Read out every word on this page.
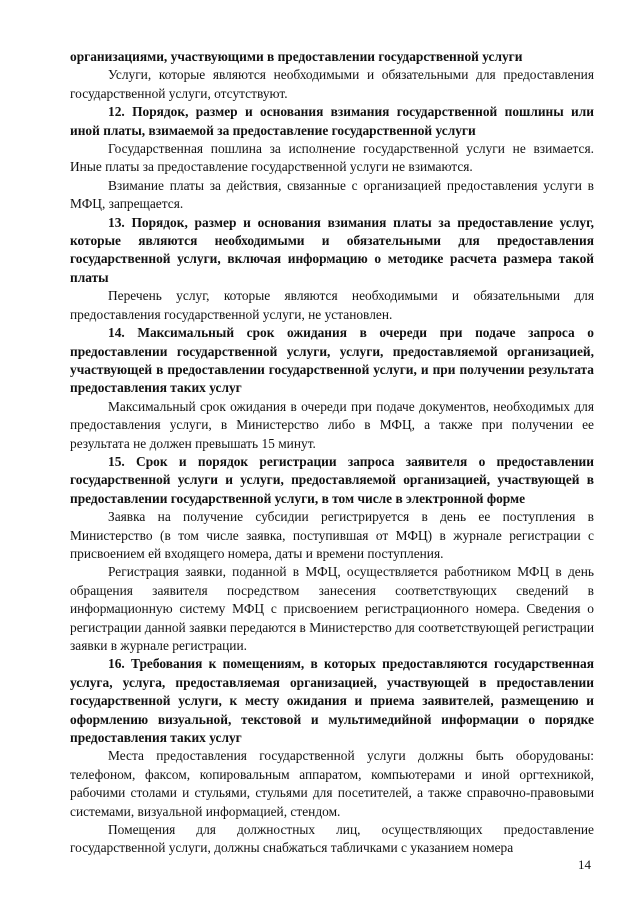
организациями, участвующими в предоставлении государственной услуги

Услуги, которые являются необходимыми и обязательными для предоставления государственной услуги, отсутствуют.

12. Порядок, размер и основания взимания государственной пошлины или иной платы, взимаемой за предоставление государственной услуги

Государственная пошлина за исполнение государственной услуги не взимается. Иные платы за предоставление государственной услуги не взимаются.

Взимание платы за действия, связанные с организацией предоставления услуги в МФЦ, запрещается.

13. Порядок, размер и основания взимания платы за предоставление услуг, которые являются необходимыми и обязательными для предоставления государственной услуги, включая информацию о методике расчета размера такой платы

Перечень услуг, которые являются необходимыми и обязательными для предоставления государственной услуги, не установлен.

14. Максимальный срок ожидания в очереди при подаче запроса о предоставлении государственной услуги, услуги, предоставляемой организацией, участвующей в предоставлении государственной услуги, и при получении результата предоставления таких услуг

Максимальный срок ожидания в очереди при подаче документов, необходимых для предоставления услуги, в Министерство либо в МФЦ, а также при получении ее результата не должен превышать 15 минут.

15. Срок и порядок регистрации запроса заявителя о предоставлении государственной услуги и услуги, предоставляемой организацией, участвующей в предоставлении государственной услуги, в том числе в электронной форме

Заявка на получение субсидии регистрируется в день ее поступления в Министерство (в том числе заявка, поступившая от МФЦ) в журнале регистрации с присвоением ей входящего номера, даты и времени поступления.

Регистрация заявки, поданной в МФЦ, осуществляется работником МФЦ в день обращения заявителя посредством занесения соответствующих сведений в информационную систему МФЦ с присвоением регистрационного номера. Сведения о регистрации данной заявки передаются в Министерство для соответствующей регистрации заявки в журнале регистрации.

16. Требования к помещениям, в которых предоставляются государственная услуга, услуга, предоставляемая организацией, участвующей в предоставлении государственной услуги, к месту ожидания и приема заявителей, размещению и оформлению визуальной, текстовой и мультимедийной информации о порядке предоставления таких услуг

Места предоставления государственной услуги должны быть оборудованы: телефоном, факсом, копировальным аппаратом, компьютерами и иной оргтехникой, рабочими столами и стульями, стульями для посетителей, а также справочно-правовыми системами, визуальной информацией, стендом.

Помещения для должностных лиц, осуществляющих предоставление государственной услуги, должны снабжаться табличками с указанием номера

14
